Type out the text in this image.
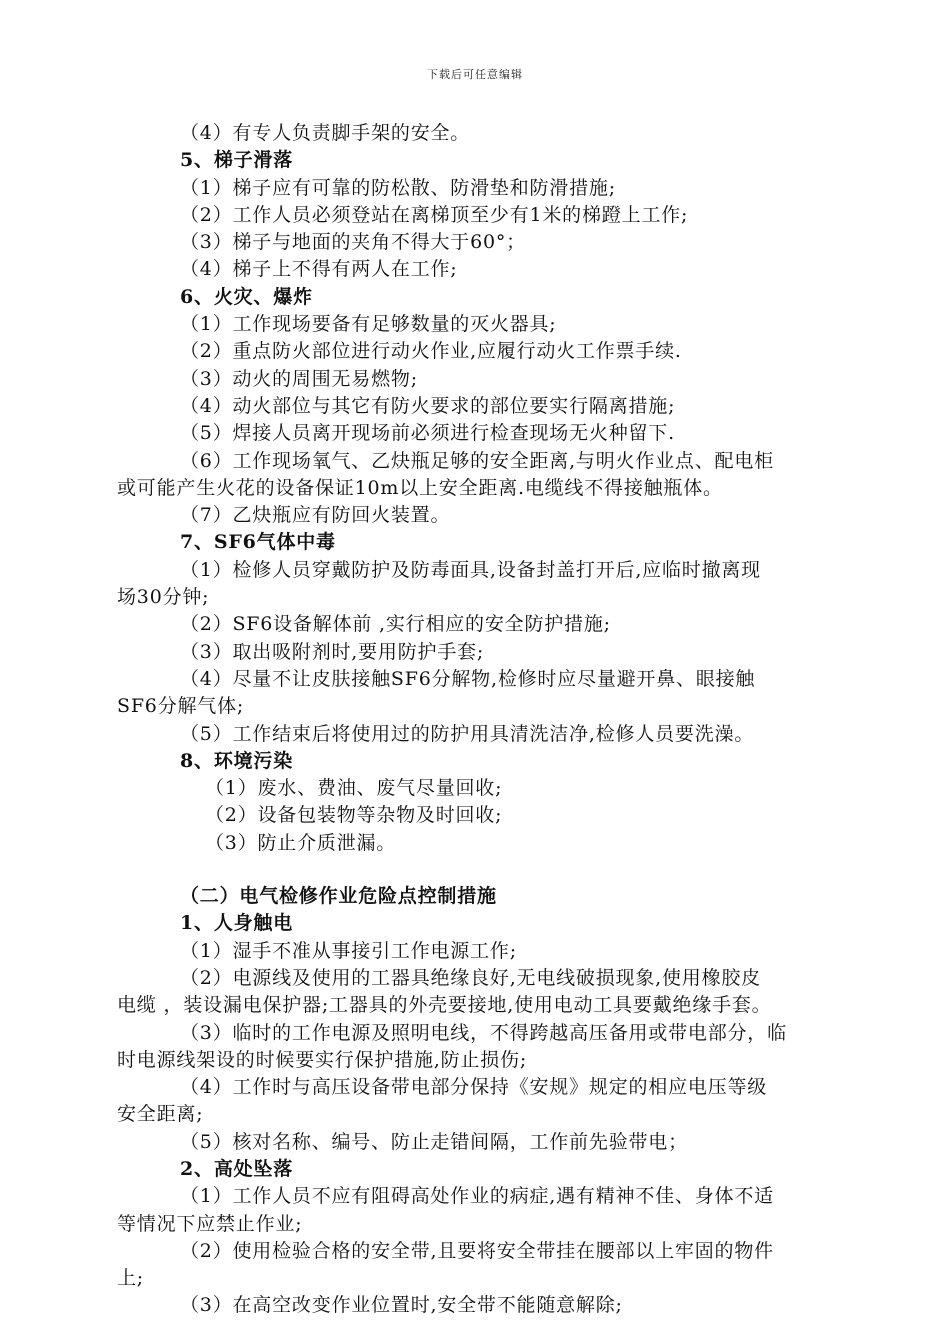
下载后可任意编辑
（4）有专人负责脚手架的安全。
5、梯子滑落
（1）梯子应有可靠的防松散、防滑垫和防滑措施;
（2）工作人员必须登站在离梯顶至少有1米的梯蹬上工作;
（3）梯子与地面的夹角不得大于60°；
（4）梯子上不得有两人在工作;
6、火灾、爆炸
（1）工作现场要备有足够数量的灭火器具;
（2）重点防火部位进行动火作业,应履行动火工作票手续.
（3）动火的周围无易燃物;
（4）动火部位与其它有防火要求的部位要实行隔离措施;
（5）焊接人员离开现场前必须进行检查现场无火种留下.
（6）工作现场氧气、乙炔瓶足够的安全距离,与明火作业点、配电柜
或可能产生火花的设备保证10m以上安全距离.电缆线不得接触瓶体。
（7）乙炔瓶应有防回火装置。
7、SF6气体中毒
（1）检修人员穿戴防护及防毒面具,设备封盖打开后,应临时撤离现
场30分钟;
（2）SF6设备解体前 ,实行相应的安全防护措施;
（3）取出吸附剂时,要用防护手套;
（4）尽量不让皮肤接触SF6分解物,检修时应尽量避开鼻、眼接触
SF6分解气体;
（5）工作结束后将使用过的防护用具清洗洁净,检修人员要洗澡。
8、环境污染
（1）废水、费油、废气尽量回收;
（2）设备包装物等杂物及时回收;
（3）防止介质泄漏。
（二）电气检修作业危险点控制措施
1、人身触电
（1）湿手不准从事接引工作电源工作;
（2）电源线及使用的工器具绝缘良好,无电线破损现象,使用橡胶皮
电缆 ，装设漏电保护器;工器具的外壳要接地,使用电动工具要戴绝缘手套。
（3）临时的工作电源及照明电线，不得跨越高压备用或带电部分，临
时电源线架设的时候要实行保护措施,防止损伤;
（4）工作时与高压设备带电部分保持《安规》规定的相应电压等级
安全距离;
（5）核对名称、编号、防止走错间隔，工作前先验带电；
2、高处坠落
（1）工作人员不应有阻碍高处作业的病症,遇有精神不佳、身体不适
等情况下应禁止作业;
（2）使用检验合格的安全带,且要将安全带挂在腰部以上牢固的物件
上;
（3）在高空改变作业位置时,安全带不能随意解除;
